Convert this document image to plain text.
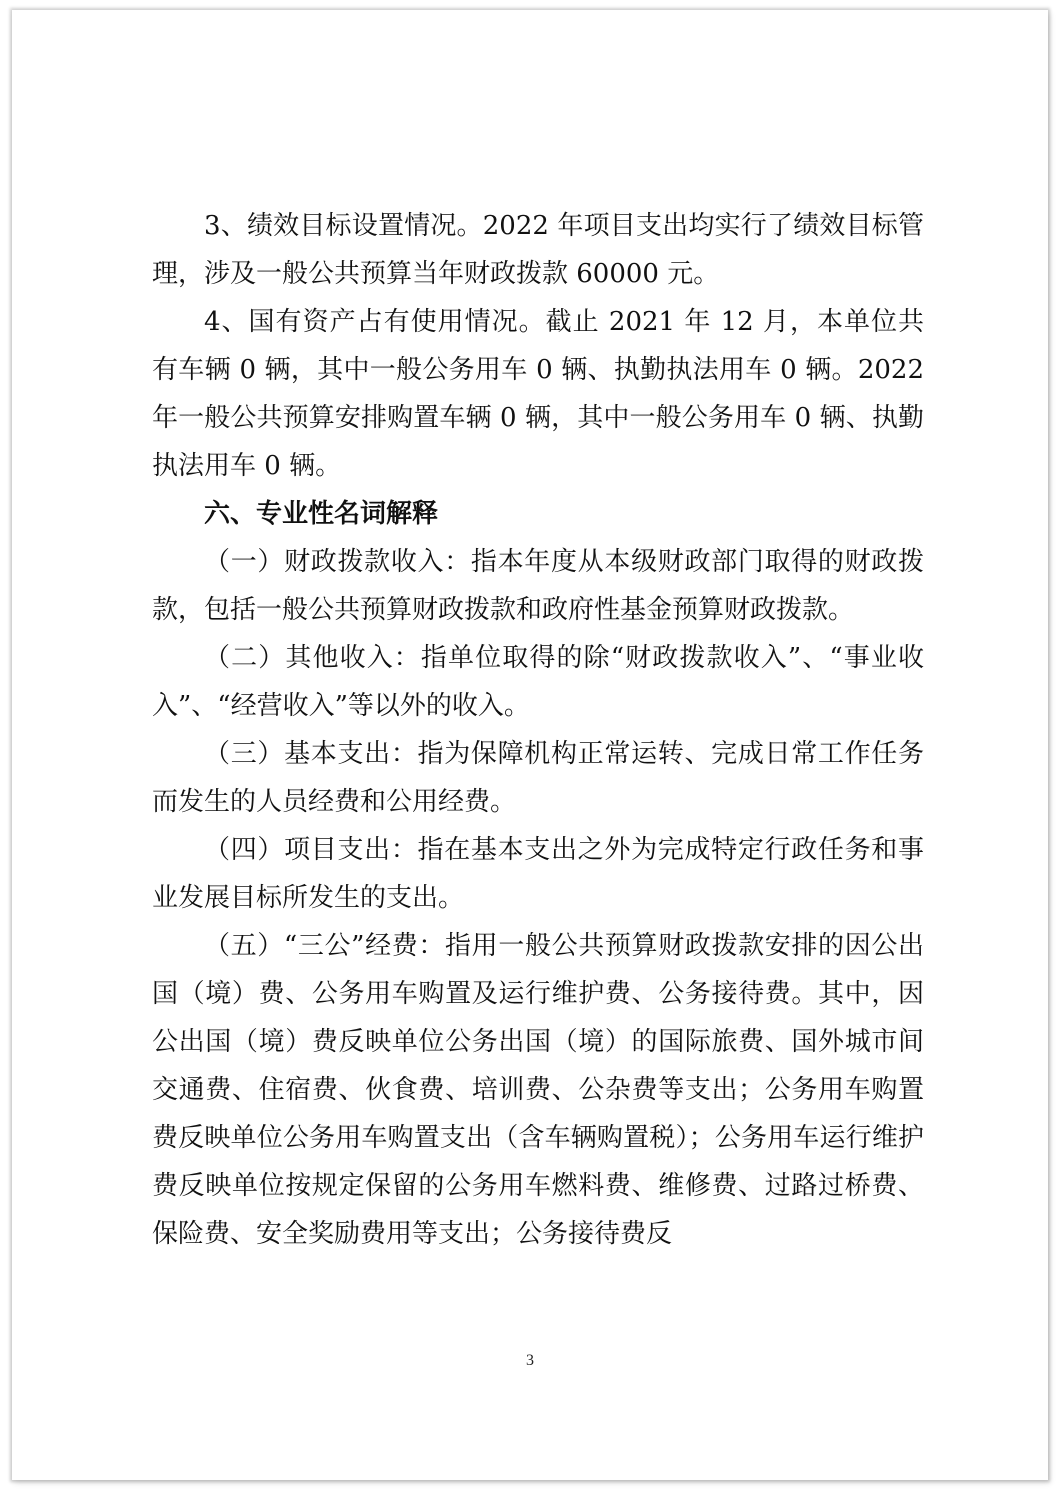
3、绩效目标设置情况。2022 年项目支出均实行了绩效目标管理，涉及一般公共预算当年财政拨款 60000 元。

4、国有资产占有使用情况。截止 2021 年 12 月，本单位共有车辆 0 辆，其中一般公务用车 0 辆、执勤执法用车 0 辆。2022 年一般公共预算安排购置车辆 0 辆，其中一般公务用车 0 辆、执勤执法用车 0 辆。

六、专业性名词解释

（一）财政拨款收入：指本年度从本级财政部门取得的财政拨款，包括一般公共预算财政拨款和政府性基金预算财政拨款。

（二）其他收入：指单位取得的除“财政拨款收入”、“事业收入”、“经营收入”等以外的收入。

（三）基本支出：指为保障机构正常运转、完成日常工作任务而发生的人员经费和公用经费。

（四）项目支出：指在基本支出之外为完成特定行政任务和事业发展目标所发生的支出。

（五）“三公”经费：指用一般公共预算财政拨款安排的因公出国（境）费、公务用车购置及运行维护费、公务接待费。其中，因公出国（境）费反映单位公务出国（境）的国际旅费、国外城市间交通费、住宿费、伙食费、培训费、公杂费等支出；公务用车购置费反映单位公务用车购置支出（含车辆购置税）；公务用车运行维护费反映单位按规定保留的公务用车燃料费、维修费、过路过桥费、保险费、安全奖励费用等支出；公务接待费反

3
